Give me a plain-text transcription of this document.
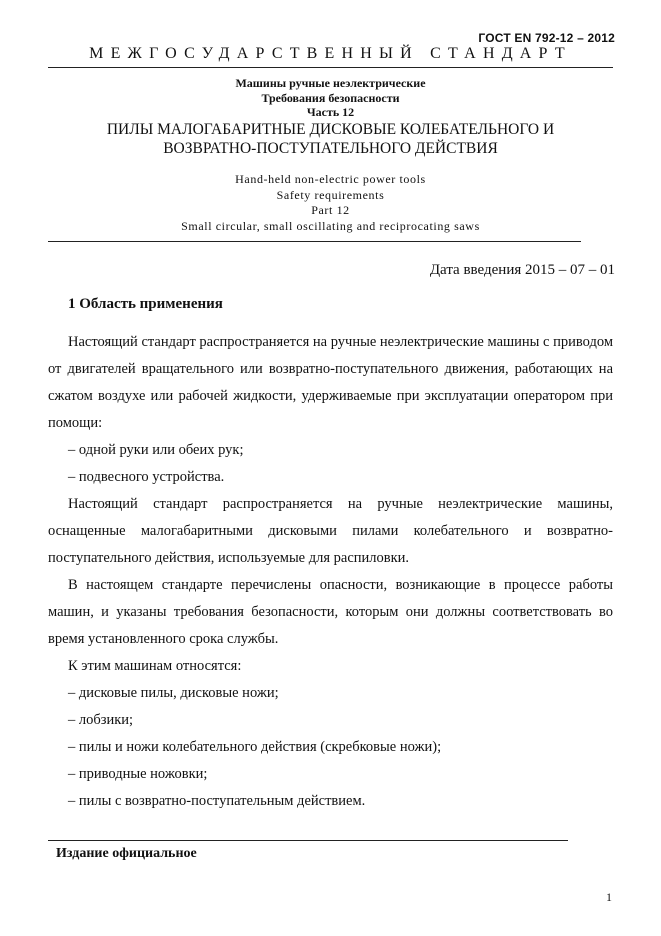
ГОСТ EN 792-12 – 2012
МЕЖГОСУДАРСТВЕННЫЙ СТАНДАРТ
Машины ручные неэлектрические
Требования безопасности
Часть 12
ПИЛЫ МАЛОГАБАРИТНЫЕ ДИСКОВЫЕ КОЛЕБАТЕЛЬНОГО И
ВОЗВРАТНО-ПОСТУПАТЕЛЬНОГО ДЕЙСТВИЯ
Hand-held non-electric power tools
Safety requirements
Part 12
Small circular, small oscillating and reciprocating saws
Дата введения 2015 – 07 – 01
1 Область применения

Настоящий стандарт распространяется на ручные неэлектрические машины с приводом от двигателей вращательного или возвратно-поступательного движения, работающих на сжатом воздухе или рабочей жидкости, удерживаемые при эксплуатации оператором при помощи:

– одной руки или обеих рук;

– подвесного устройства.

Настоящий стандарт распространяется на ручные неэлектрические машины, оснащенные малогабаритными дисковыми пилами колебательного и возвратно-поступательного действия, используемые для распиловки.

В настоящем стандарте перечислены опасности, возникающие в процессе работы машин, и указаны требования безопасности, которым они должны соответствовать во время установленного срока службы.

К этим машинам относятся:

– дисковые пилы, дисковые ножи;

– лобзики;

– пилы и ножи колебательного действия (скребковые ножи);

– приводные ножовки;

– пилы с возвратно-поступательным действием.

Издание официальное
1
